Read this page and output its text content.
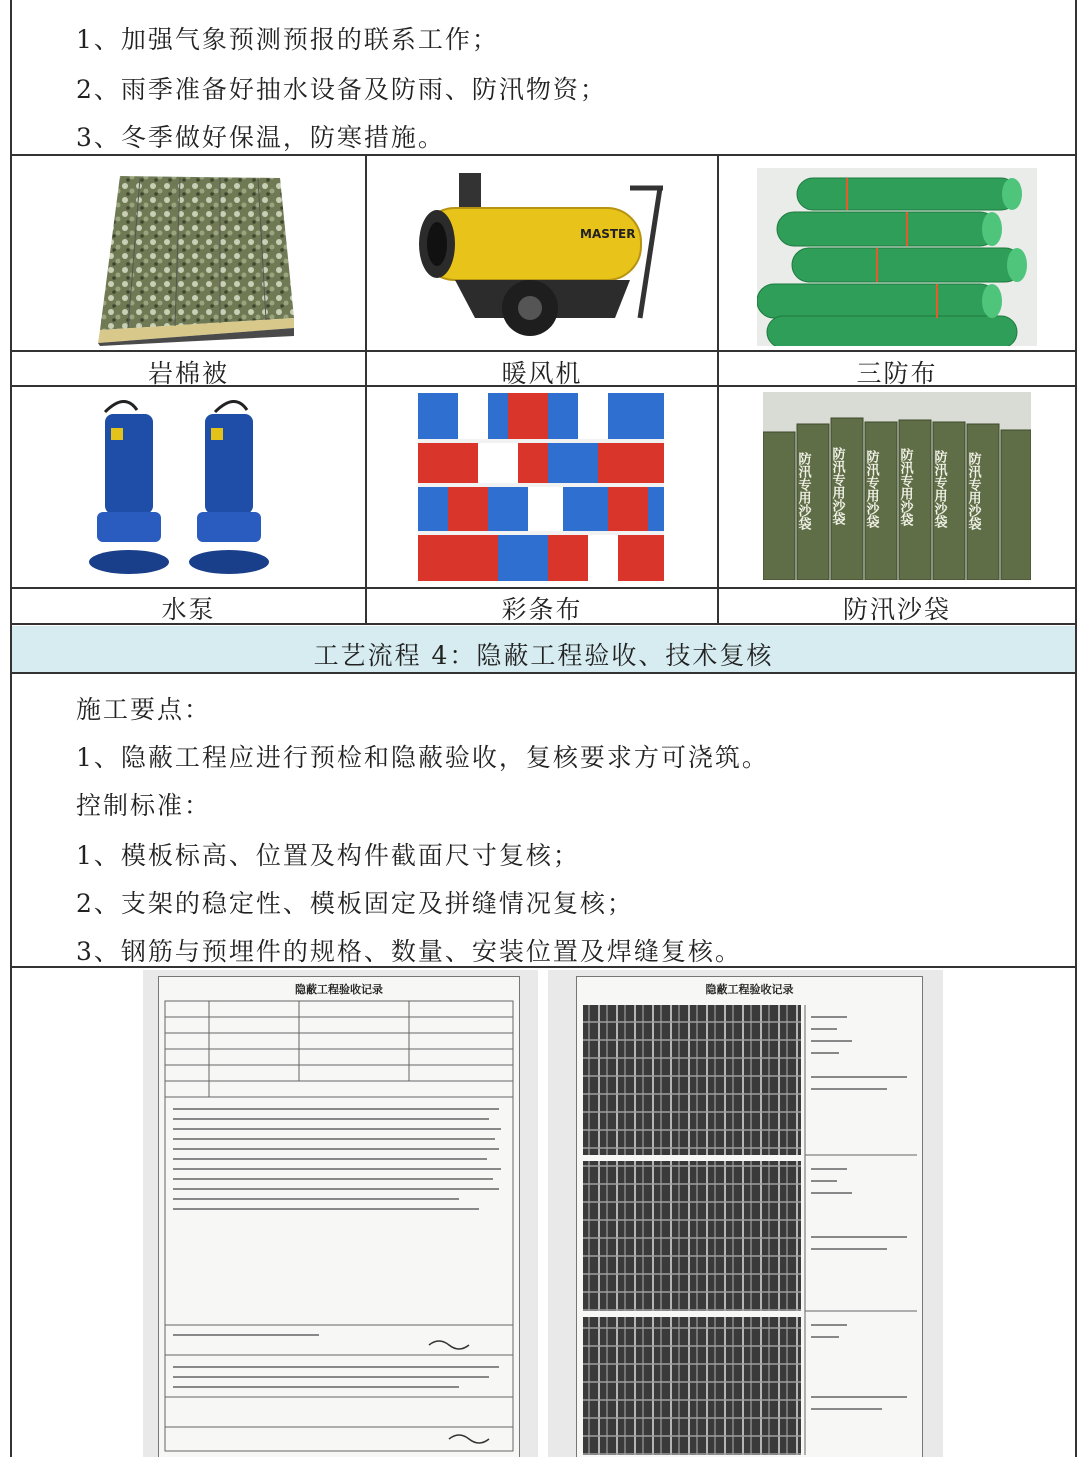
1、加强气象预测预报的联系工作；
2、雨季准备好抽水设备及防雨、防汛物资；
3、冬季做好保温，防寒措施。
MASTER
岩棉被	暖风机	三防布
防汛专用沙袋 防汛专用沙袋 防汛专用沙袋 防汛专用沙袋 防汛专用沙袋 防汛专用沙袋
水泵	彩条布	防汛沙袋
工艺流程 4：隐蔽工程验收、技术复核
施工要点：
1、隐蔽工程应进行预检和隐蔽验收，复核要求方可浇筑。
控制标准：
1、模板标高、位置及构件截面尺寸复核；
2、支架的稳定性、模板固定及拼缝情况复核；
3、钢筋与预埋件的规格、数量、安装位置及焊缝复核。
隐蔽工程验收记录	隐蔽工程验收记录
